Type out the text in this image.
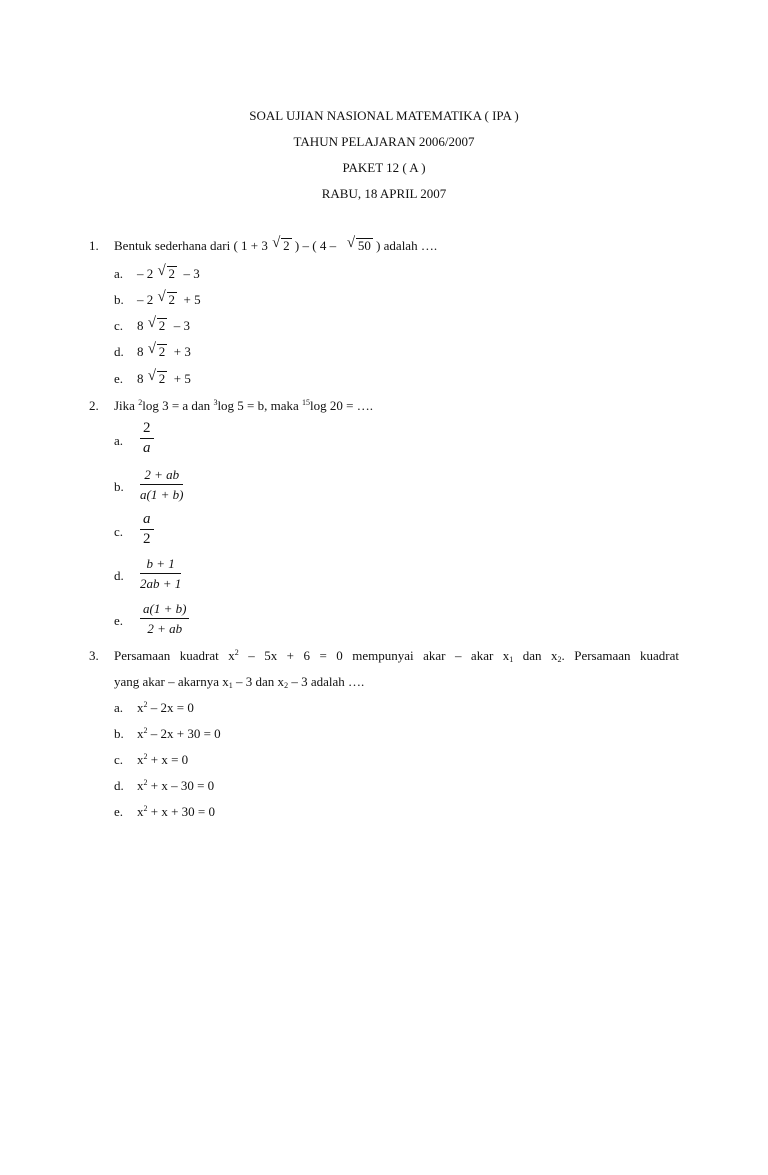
SOAL UJIAN NASIONAL MATEMATIKA ( IPA )
TAHUN PELAJARAN 2006/2007
PAKET 12 ( A )
RABU, 18 APRIL 2007
1. Bentuk sederhana dari ( 1 + 3 √ 2 ) – ( 4 – √ 50 ) adalah ….
a. – 2 √ 2 – 3
b. – 2 √ 2 + 5
c. 8 √ 2 – 3
d. 8 √ 2 + 3
e. 8 √ 2 + 5
2. Jika $^2$log 3 = a dan $^3$log 5 = b, maka $^{15}$log 20 = ….
a. $\frac{2}{a}$
b. $\frac{2 + ab}{a(1 + b)}$
c. $\frac{a}{2}$
d. $\frac{b + 1}{2ab + 1}$
e. $\frac{a(1 + b)}{2 + ab}$
3. Persamaan kuadrat $x^2 - 5x + 6 = 0$ mempunyai akar – akar $x_1$ dan $x_2$. Persamaan kuadrat
yang akar – akarnya $x_1 - 3$ dan $x_2 - 3$ adalah ….
a. $x^2 - 2x = 0$
b. $x^2 - 2x + 30 = 0$
c. $x^2 + x = 0$
d. $x^2 + x - 30 = 0$
e. $x^2 + x + 30 = 0$
